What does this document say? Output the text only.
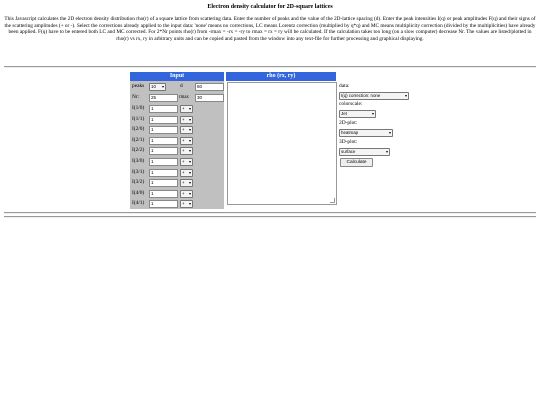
Electron density calculator for 2D-square lattices

This Javascript calculates the 2D electron density distribution rho(r) of a square lattice from scattering data. Enter the number of peaks and the value of the 2D-lattice spacing (d). Enter the peak intensities I(q) or peak amplitudes F(q) and their signs of the scattering amplitudes (+ or -). Select the corrections already applied to the input data: 'none' means no corrections, LC means Lorentz correction (multiplied by q*q) and MC means multiplicity correction (divided by the multiplicities) have already been applied. F(q) have to be entered both LC and MC corrected. For 2*Nr points rho(r) from -rmax = -rx = -ry to rmax = rx = ry will be calculated. If the calculation takes too long (on a slow computer) decrease Nr. The values are listed/plotted in rho(r) vs rx, ry in arbitrary units and can be copied and pasted from the window into any text-file for further processing and graphical displaying.

Input	rho (rx, ry)
peaks	10 ▾	d	60
Nr:	25	rmax	30
I(1/0)	1	+ ▾
I(1/1)	1	+ ▾
I(2/0)	1	+ ▾
I(2/1)	1	+ ▾
I(2/2)	1	+ ▾
I(3/0)	1	+ ▾
I(3/1)	1	+ ▾
I(3/2)	1	+ ▾
I(4/0)	1	+ ▾
I(4/1)	1	+ ▾
data:
I(q) correction: none	▾
colorscale:
Jet	▾
2D-plot:
heatmap	▾
3D-plot:
surface	▾
Calculate
